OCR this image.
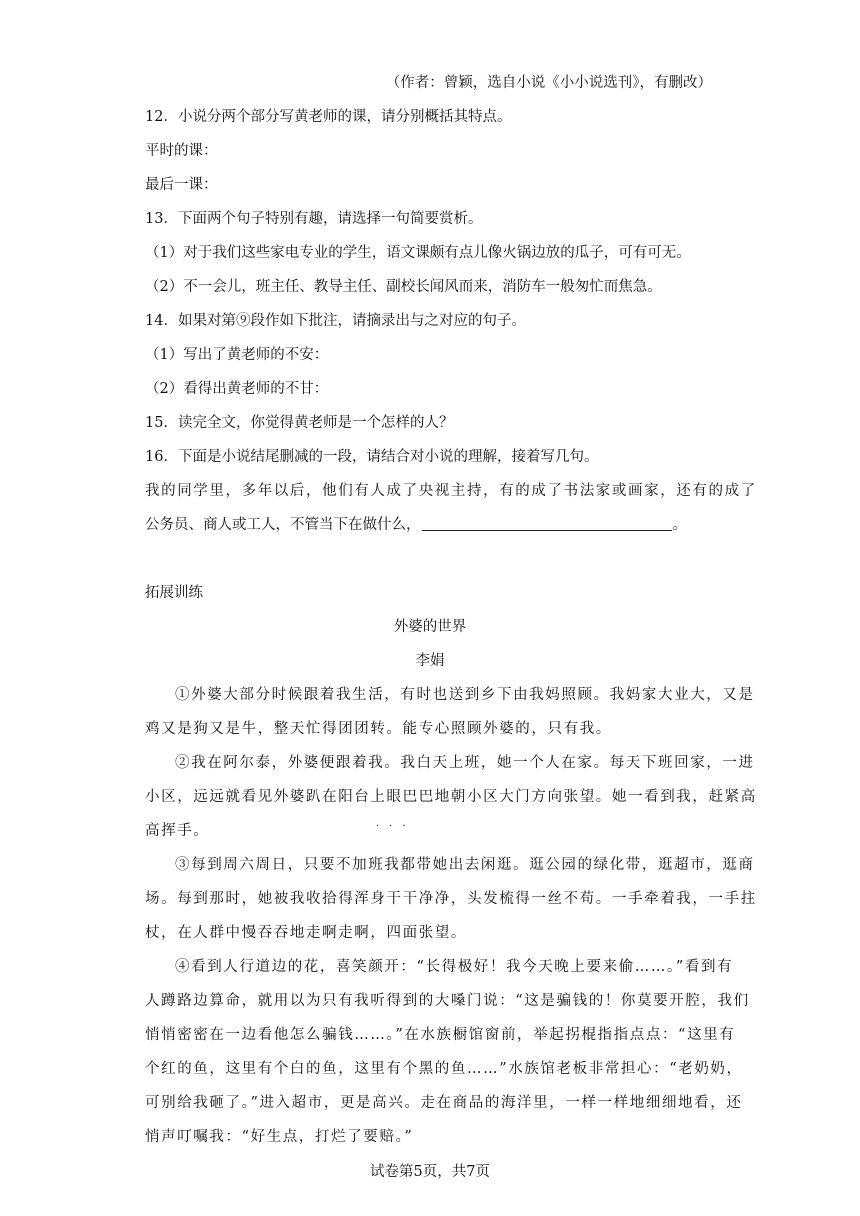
（作者：曾颖，选自小说《小小说选刊》，有删改）
12．小说分两个部分写黄老师的课，请分别概括其特点。
平时的课：
最后一课：
13．下面两个句子特别有趣，请选择一句简要赏析。
（1）对于我们这些家电专业的学生，语文课颇有点儿像火锅边放的瓜子，可有可无。
（2）不一会儿，班主任、教导主任、副校长闻风而来，消防车一般匆忙而焦急。
14．如果对第⑨段作如下批注，请摘录出与之对应的句子。
（1）写出了黄老师的不安：
（2）看得出黄老师的不甘：
15．读完全文，你觉得黄老师是一个怎样的人？
16．下面是小说结尾删减的一段，请结合对小说的理解，接着写几句。
我的同学里，多年以后，他们有人成了央视主持，有的成了书法家或画家，还有的成了
公务员、商人或工人，不管当下在做什么，	。
拓展训练
外婆的世界
李娟
①外婆大部分时候跟着我生活，有时也送到乡下由我妈照顾。我妈家大业大，又是
鸡又是狗又是牛，整天忙得团团转。能专心照顾外婆的，只有我。
②我在阿尔泰，外婆便跟着我。我白天上班，她一个人在家。每天下班回家，一进
小区，远远就看见外婆趴在阳台上眼巴巴地朝小区大门方向张望。她一看到我，赶紧高
···
高挥手。
③每到周六周日，只要不加班我都带她出去闲逛。逛公园的绿化带，逛超市，逛商
场。每到那时，她被我收拾得浑身干干净净，头发梳得一丝不苟。一手牵着我，一手拄
杖，在人群中慢吞吞地走啊走啊，四面张望。
④看到人行道边的花，喜笑颜开：“长得极好！我今天晚上要来偷……。”看到有
人蹲路边算命，就用以为只有我听得到的大嗓门说：“这是骗钱的！你莫要开腔，我们
悄悄密密在一边看他怎么骗钱……。”在水族橱馆窗前，举起拐棍指指点点：“这里有
个红的鱼，这里有个白的鱼，这里有个黑的鱼……”水族馆老板非常担心：“老奶奶，
可别给我砸了。”进入超市，更是高兴。走在商品的海洋里，一样一样地细细地看，还
悄声叮嘱我：“好生点，打烂了要赔。”
试卷第5页，共7页
